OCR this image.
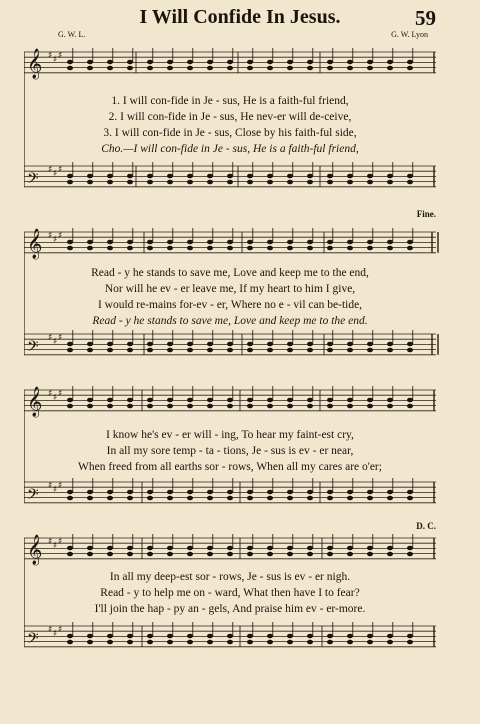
I Will Confide In Jesus.	59
G. W. L.	G. W. Lyon
Fine.
D. C.
𝄞 ♯ ♯ ♯
𝄢 ♯ ♯ ♯
1. I will con-fide in Je - sus, He is a faith-ful friend,
2. I will con-fide in Je - sus, He nev-er will de-ceive,
3. I will con-fide in Je - sus, Close by his faith-ful side,
Cho.—I will con-fide in Je - sus, He is a faith-ful friend,
𝄞 ♯ ♯ ♯
𝄢 ♯ ♯ ♯
Read - y he stands to save me, Love and keep me to the end,
Nor will he ev - er leave me, If my heart to him I give,
I would re-mains for-ev - er, Where no e - vil can be-tide,
Read - y he stands to save me, Love and keep me to the end.
𝄞 ♯ ♯ ♯
𝄢 ♯ ♯ ♯
I know he's ev - er will - ing, To hear my faint-est cry,
In all my sore temp - ta - tions, Je - sus is ev - er near,
When freed from all earths sor - rows, When all my cares are o'er;
𝄞 ♯ ♯ ♯
𝄢 ♯ ♯ ♯
In all my deep-est sor - rows, Je - sus is ev - er nigh.
Read - y to help me on - ward, What then have I to fear?
I'll join the hap - py an - gels, And praise him ev - er-more.
